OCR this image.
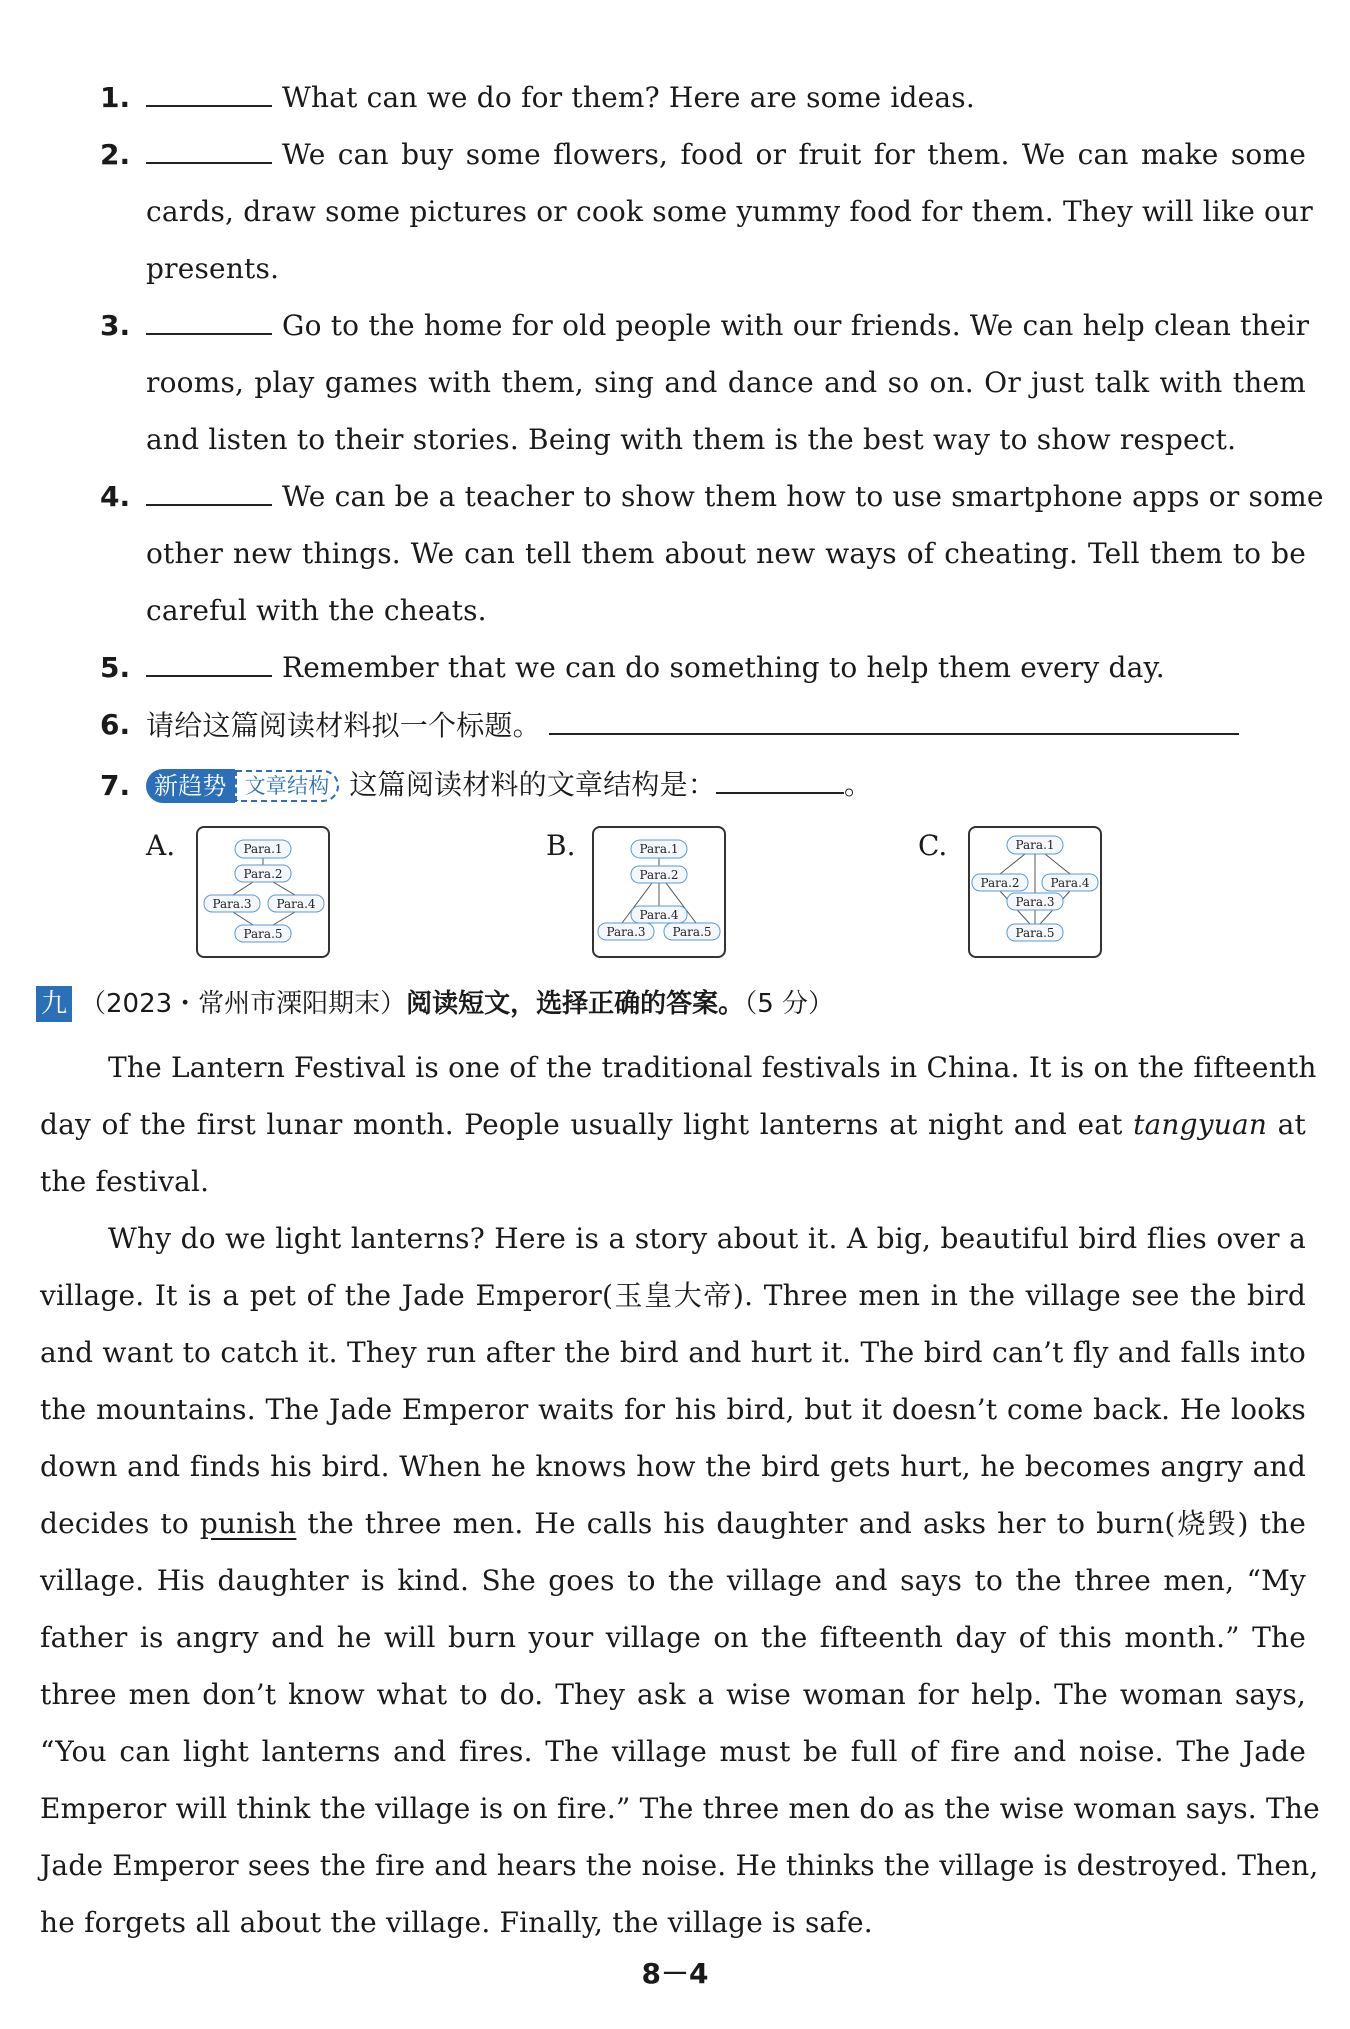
1.	What can we do for them? Here are some ideas.
2.	We can buy some flowers, food or fruit for them. We can make some
cards, draw some pictures or cook some yummy food for them. They will like our
presents.
3.	Go to the home for old people with our friends. We can help clean their
rooms, play games with them, sing and dance and so on. Or just talk with them
and listen to their stories. Being with them is the best way to show respect.
4.	We can be a teacher to show them how to use smartphone apps or some
other new things. We can tell them about new ways of cheating. Tell them to be
careful with the cheats.
5.	Remember that we can do something to help them every day.
6. 请给这篇阅读材料拟一个标题。
7. 新趋势 文章结构 这篇阅读材料的文章结构是：	。
A.	Para.1
Para.2
Para.3 Para.4
Para.5
B.	Para.1
Para.2
Para.4
Para.3 Para.5
C.	Para.1
Para.2
Para.3
Para.4
Para.5
九 （2023・常州市溧阳期末）阅读短文，选择正确的答案。（5 分）
The Lantern Festival is one of the traditional festivals in China. It is on the fifteenth
day of the first lunar month. People usually light lanterns at night and eat tangyuan at
the festival.
Why do we light lanterns? Here is a story about it. A big, beautiful bird flies over a
village. It is a pet of the Jade Emperor(玉皇大帝). Three men in the village see the bird
and want to catch it. They run after the bird and hurt it. The bird can’t fly and falls into
the mountains. The Jade Emperor waits for his bird, but it doesn’t come back. He looks
down and finds his bird. When he knows how the bird gets hurt, he becomes angry and
decides to punish the three men. He calls his daughter and asks her to burn(烧毁) the
village. His daughter is kind. She goes to the village and says to the three men, “My
father is angry and he will burn your village on the fifteenth day of this month.” The
three men don’t know what to do. They ask a wise woman for help. The woman says,
“You can light lanterns and fires. The village must be full of fire and noise. The Jade
Emperor will think the village is on fire.” The three men do as the wise woman says. The
Jade Emperor sees the fire and hears the noise. He thinks the village is destroyed. Then,
he forgets all about the village. Finally, the village is safe.
8－4
